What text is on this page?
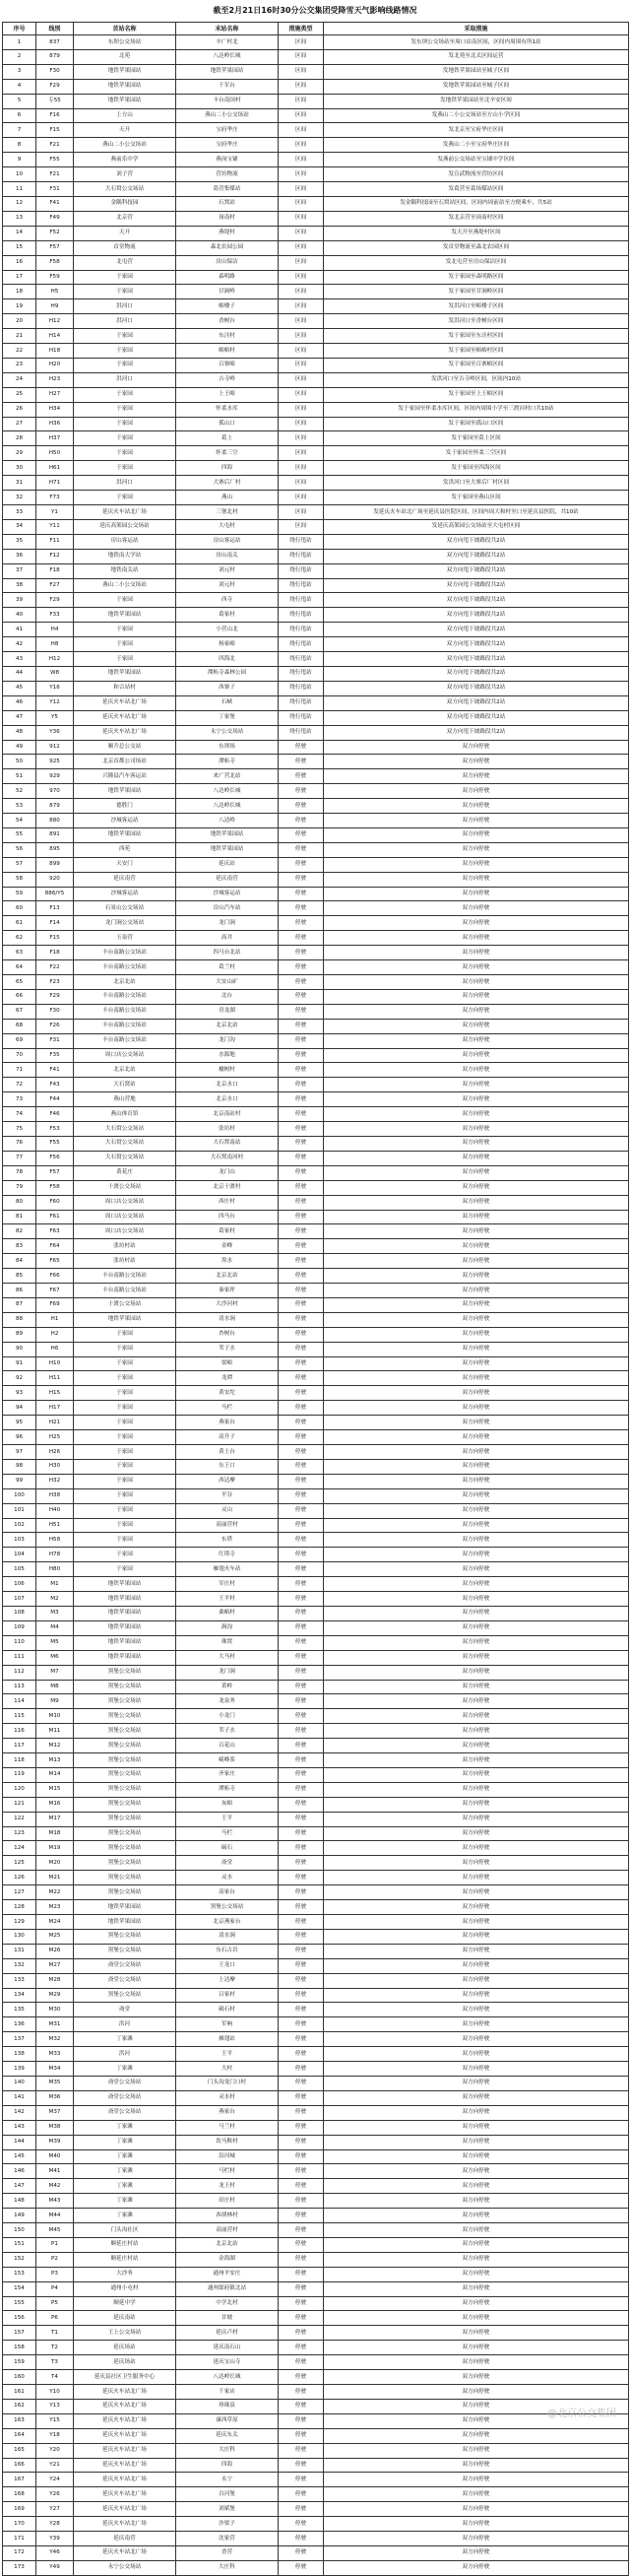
截至2月21日16时30分公交集团受降雪天气影响线路情况
序号	线别	首站名称	末站名称	措施类型	采取措施
1	837	东坝公交场站	丰广村北	区间	发东坝公交场站至周口店南区间，区间内周围有所1站
2	879	北苑	八达岭长城	区间	发北苑至北太区间运营
3	F30	地铁苹果园站	地铁苹果园站	区间	发地铁苹果园站至城子区间
4	F29	地铁苹果园站	千军台	区间	发地铁苹果园站至城子区间
5	专55	地铁苹果园站	丰台南国村	区间	发地铁苹果园站至北辛安区间
6	F16	上方山	燕山二小公交场站	区间	发燕山二小公交场站至方山小学区间
7	F15	天开	宝府华庄	区间	发北京至宝府华庄区间
8	F21	燕山二小公交场站	宝府华庄	区间	发燕山二小至宝府华庄区间
9	F55	燕前乐中学	燕岗宝铺	区间	发燕前公交场站至宝铺中学区间
10	F21	刘子营	营坊物流	区间	发宣武物流至营坊区间
11	F31	大石窝公交场站	葛营集煤站	区间	发葛营至葛场煤站区间
12	F41	金隅科技园	石窝站	区间	发金隅科技园至石窝站区间，区间内周前站至方便乘车，共5站
13	F49	北京营	岗南村	区间	发北京营至岗南村区间
14	F52	天开	燕堤村	区间	发天开至燕堤村区间
15	F57	首堂物流	森北农园公园	区间	发首堂物流至森北农园区间
16	F58	北屯营	房山保洁	区间	发北屯营至房山保洁区间
17	F59	于家园	森明路	区间	发于家园至森明路区间
18	H5	于家园	甘涧岭	区间	发于家园至甘涧岭区间
19	H9	洪河口	峪楼子	区间	发洪河口至峪楼子区间
20	H12	洪河口	香树台	区间	发洪河口至香树台区间
21	H14	于家园	东洼村	区间	发于家园至东洼村区间
22	H18	于家园	峪峪村	区间	发于家园至峪峪村区间
23	H20	于家园	百寨峪	区间	发于家园至百寨峪区间
24	H23	洪河口	吉寺岭	区间	发洪河口至吉寺岭区间，区间内10站
25	H27	于家园	上王峪	区间	发于家园至上王峪区间
26	H34	于家园	怀柔水库	区间	发于家园至怀柔水库区间，区间内周围小学至三渡河村口共10站
27	H36	于家园	孤山口	区间	发于家园至孤山口区间
28	H37	于家园	葛上	区间	发于家园至葛上区间
29	H50	于家园	怀柔三空	区间	发于家园至怀柔三空区间
30	H61	于家园	四海	区间	发于家园至四海区间
31	H71	洪河口	大寨后厂村	区间	发洪河口至大寨后厂村区间
32	F73	于家园	燕山	区间	发于家园至燕山区间
33	Y1	延庆火车站北广场	三堡北村	区间	发延庆火车站北广场至延庆县医院区间，区间内周大和村至口至延庆县医院，共10站
34	Y11	延庆高架园公交场站	大屯村	区间	发延庆高架园公交场站至大屯村区间
35	F11	房山客运站	房山客运站	绕行甩站	双方向甩下坡路段共2站
36	F12	地铁南大学站	房山南关	绕行甩站	双方向甩下坡路段共2站
37	F18	地铁南关站	刘元村	绕行甩站	双方向甩下坡路段共2站
38	F27	燕山二小公交场站	刘元村	绕行甩站	双方向甩下坡路段共2站
39	F29	于家园	西寺	绕行甩站	双方向甩下坡路段共2站
40	F33	地铁苹果园站	葛家村	绕行甩站	双方向甩下坡路段共2站
41	H4	于家园	小营山北	绕行甩站	双方向甩下坡路段共2站
42	H8	于家园	杨家峪	绕行甩站	双方向甩下坡路段共2站
43	H12	于家园	四海北	绕行甩站	双方向甩下坡路段共2站
44	W8	地铁苹果园站	潭柘寺森林公园	绕行甩站	双方向甩下坡路段共2站
45	Y16	和合站村	西寨子	绕行甩站	双方向甩下坡路段共2站
46	Y12	延庆火车站北广场	石峡	绕行甩站	双方向甩下坡路段共2站
47	Y5	延庆火车站北广场	丁家堡	绕行甩站	双方向甩下坡路段共2站
48	Y36	延庆火车站北广场	永宁公交场站	绕行甩站	双方向甩下坡路段共2站
49	912	顺升总公交站	东坝场	停驶	双方向停驶
50	925	北京首都公司场站	潭柘寺	停驶	双方向停驶
51	929	兴隆县汽车客运站	来广营北站	停驶	双方向停驶
52	970	地铁苹果园站	八达岭长城	停驶	双方向停驶
53	879	德胜门	八达岭长城	停驶	双方向停驶
54	880	沙城客运站	八达岭	停驶	双方向停驶
55	891	地铁苹果园站	地铁苹果园站	停驶	双方向停驶
56	895	西苑	地铁苹果园站	停驶	双方向停驶
57	899	天安门	延庆站	停驶	双方向停驶
58	920	延庆南营	延庆南营	停驶	双方向停驶
59	886/Y5	沙城客运站	沙城客运站	停驶	双方向停驶
60	F13	石景山公交场站	房山汽车站	停驶	双方向停驶
61	F14	龙门涧公交场站	龙门涧	停驶	双方向停驶
62	F15	玉泉营	高井	停驶	双方向停驶
63	F18	丰台南路公交场站	四马台北站	停驶	双方向停驶
64	F22	丰台南路公交场站	葛兰村	停驶	双方向停驶
65	F23	北京北站	大安山矿	停驶	双方向停驶
66	F29	丰台南路公交场站	北台	停驶	双方向停驶
67	F30	丰台南路公交场站	青龙湖	停驶	双方向停驶
68	F26	丰台南路公交场站	北京北站	停驶	双方向停驶
69	F31	丰台南路公交场站	龙门沟	停驶	双方向停驶
70	F35	周口店公交场站	水源地	停驶	双方向停驶
71	F41	北京北站	榆树村	停驶	双方向停驶
72	F43	大石窝站	北京水口	停驶	双方向停驶
73	F44	燕山营地	北京水口	停驶	双方向停驶
74	F46	燕山体育馆	北京南站村	停驶	双方向停驶
75	F53	大石窝公交场站	张坊村	停驶	双方向停驶
76	F55	大石窝公交场站	大石窝南站	停驶	双方向停驶
77	F56	大石窝公交场站	大石窝南河村	停驶	双方向停驶
78	F57	黄花庄	龙门山	停驶	双方向停驶
79	F58	十渡公交场站	北京十渡村	停驶	双方向停驶
80	F60	周口店公交场站	西庄村	停驶	双方向停驶
81	F61	周口店公交场站	四马台	停驶	双方向停驶
82	F63	周口店公交场站	葛家村	停驶	双方向停驶
83	F64	张坊村站	金峰	停驶	双方向停驶
84	F65	张坊村站	黑水	停驶	双方向停驶
85	F66	丰台南路公交场站	北京北站	停驶	双方向停驶
86	F67	丰台南路公交场站	秦家坪	停驶	双方向停驶
87	F69	十渡公交场站	大沙河村	停驶	双方向停驶
88	H1	地铁苹果园站	清水涧	停驶	双方向停驶
89	H2	于家园	杏树台	停驶	双方向停驶
90	H6	于家园	苇子水	停驶	双方向停驶
91	H10	于家园	梁峪	停驶	双方向停驶
92	H11	于家园	龙潭	停驶	双方向停驶
93	H15	于家园	黄安坨	停驶	双方向停驶
94	H17	于家园	马栏	停驶	双方向停驶
95	H21	于家园	燕家台	停驶	双方向停驶
96	H25	于家园	高升子	停驶	双方向停驶
97	H26	于家园	黄土台	停驶	双方向停驶
98	H30	于家园	东王口	停驶	双方向停驶
99	H32	于家园	西达摩	停驶	双方向停驶
100	H38	于家园	平谷	停驶	双方向停驶
101	H40	于家园	灵山	停驶	双方向停驶
102	H51	于家园	高丽营村	停驶	双方向停驶
103	H58	于家园	东塔	停驶	双方向停驶
104	H78	于家园	红塔寺	停驶	双方向停驶
105	H80	于家园	雁翅火车站	停驶	双方向停驶
106	M1	地铁苹果园站	军庄村	停驶	双方向停驶
107	M2	地铁苹果园站	王平村	停驶	双方向停驶
108	M3	地铁苹果园站	桑峪村	停驶	双方向停驶
109	M4	地铁苹果园站	涧沟	停驶	双方向停驶
110	M5	地铁苹果园站	珠窝	停驶	双方向停驶
111	M6	地铁苹果园站	大马村	停驶	双方向停驶
112	M7	黑堡公交场站	龙门涧	停驶	双方向停驶
113	M8	黑堡公交场站	黄岭	停驶	双方向停驶
114	M9	黑堡公交场站	龙泉务	停驶	双方向停驶
115	M10	黑堡公交场站	小龙门	停驶	双方向停驶
116	M11	黑堡公交场站	苇子水	停驶	双方向停驶
117	M12	黑堡公交场站	百花山	停驶	双方向停驶
118	M13	黑堡公交场站	崎峰茶	停驶	双方向停驶
119	M14	黑堡公交场站	齐家庄	停驶	双方向停驶
120	M15	黑堡公交场站	潭柘寺	停驶	双方向停驶
121	M16	黑堡公交场站	灰峪	停驶	双方向停驶
122	M17	黑堡公交场站	王平	停驶	双方向停驶
123	M18	黑堡公交场站	马栏	停驶	双方向停驶
124	M19	黑堡公交场站	碣石	停驶	双方向停驶
125	M20	黑堡公交场站	斋堂	停驶	双方向停驶
126	M21	黑堡公交场站	灵水	停驶	双方向停驶
127	M22	黑堡公交场站	高家台	停驶	双方向停驶
128	M23	地铁苹果园站	黑堡公交场站	停驶	双方向停驶
129	M24	地铁苹果园站	北京燕家台	停驶	双方向停驶
130	M25	黑堡公交场站	清水涧	停驶	双方向停驶
131	M26	黑堡公交场站	东石古岩	停驶	双方向停驶
132	M27	斋堂公交场站	王龙口	停驶	双方向停驶
133	M28	斋堂公交场站	上达摩	停驶	双方向停驶
134	M29	黑堡公交场站	吕家村	停驶	双方向停驶
135	M30	斋堂	碣石村	停驶	双方向停驶
136	M31	洪河	军响	停驶	双方向停驶
137	M32	丁家滩	雁翅站	停驶	双方向停驶
138	M33	洪河	王平	停驶	双方向停驶
139	M34	丁家滩	大村	停驶	双方向停驶
140	M35	斋堂公交场站	门头沟龙门口村	停驶	双方向停驶
141	M36	斋堂公交场站	灵水村	停驶	双方向停驶
142	M37	斋堂公交场站	燕家台	停驶	双方向停驶
143	M38	丁家滩	马兰村	停驶	双方向停驶
144	M39	丁家滩	饮马鞍村	停驶	双方向停驶
145	M40	丁家滩	沿河城	停驶	双方向停驶
146	M41	丁家滩	马栏村	停驶	双方向停驶
147	M42	丁家滩	龙王村	停驶	双方向停驶
148	M43	丁家滩	田庄村	停驶	双方向停驶
149	M44	丁家滩	西胡林村	停驶	双方向停驶
150	M45	门头沟社区	高丽营村	停驶	双方向停驶
151	P1	顺延庄村站	北京北站	停驶	双方向停驶
152	P2	顺延庄村站	金海湖	停驶	双方向停驶
153	P3	大沙务	通州平安庄	停驶	双方向停驶
154	P4	通州小屯村	通州郎府镇北站	停驶	双方向停驶
155	P5	顺延中学	中学北村	停驶	双方向停驶
156	P6	延庆南站	甘坡	停驶	双方向停驶
157	T1	王上公交场站	延庆卢村	停驶	双方向停驶
158	T2	延庆场站	延庆南石山	停驶	双方向停驶
159	T3	延庆场站	延庆宝山寺	停驶	双方向停驶
160	T4	延庆县社区卫生服务中心	八达岭长城	停驶	双方向停驶
161	Y10	延庆火车站北广场	千家店	停驶	双方向停驶
162	Y13	延庆火车站北广场	珍珠泉	停驶	双方向停驶
163	Y15	延庆火车站北广场	康西草原	停驶	双方向停驶
164	Y18	延庆火车站北广场	延庆东关	停驶	双方向停驶
165	Y20	延庆火车站北广场	大庄科	停驶	双方向停驶
166	Y21	延庆火车站北广场	四海	停驶	双方向停驶
167	Y24	延庆火车站北广场	永宁	停驶	双方向停驶
168	Y26	延庆火车站北广场	白河堡	停驶	双方向停驶
169	Y27	延庆火车站北广场	刘斌堡	停驶	双方向停驶
170	Y28	延庆火车站北广场	沙梁子	停驶	双方向停驶
171	Y39	延庆南营	沈家营	停驶	双方向停驶
172	Y46	延庆火车站北广场	香营	停驶	双方向停驶
173	Y49	永宁公交场站	大庄科	停驶	双方向停驶
@北京公交集团
